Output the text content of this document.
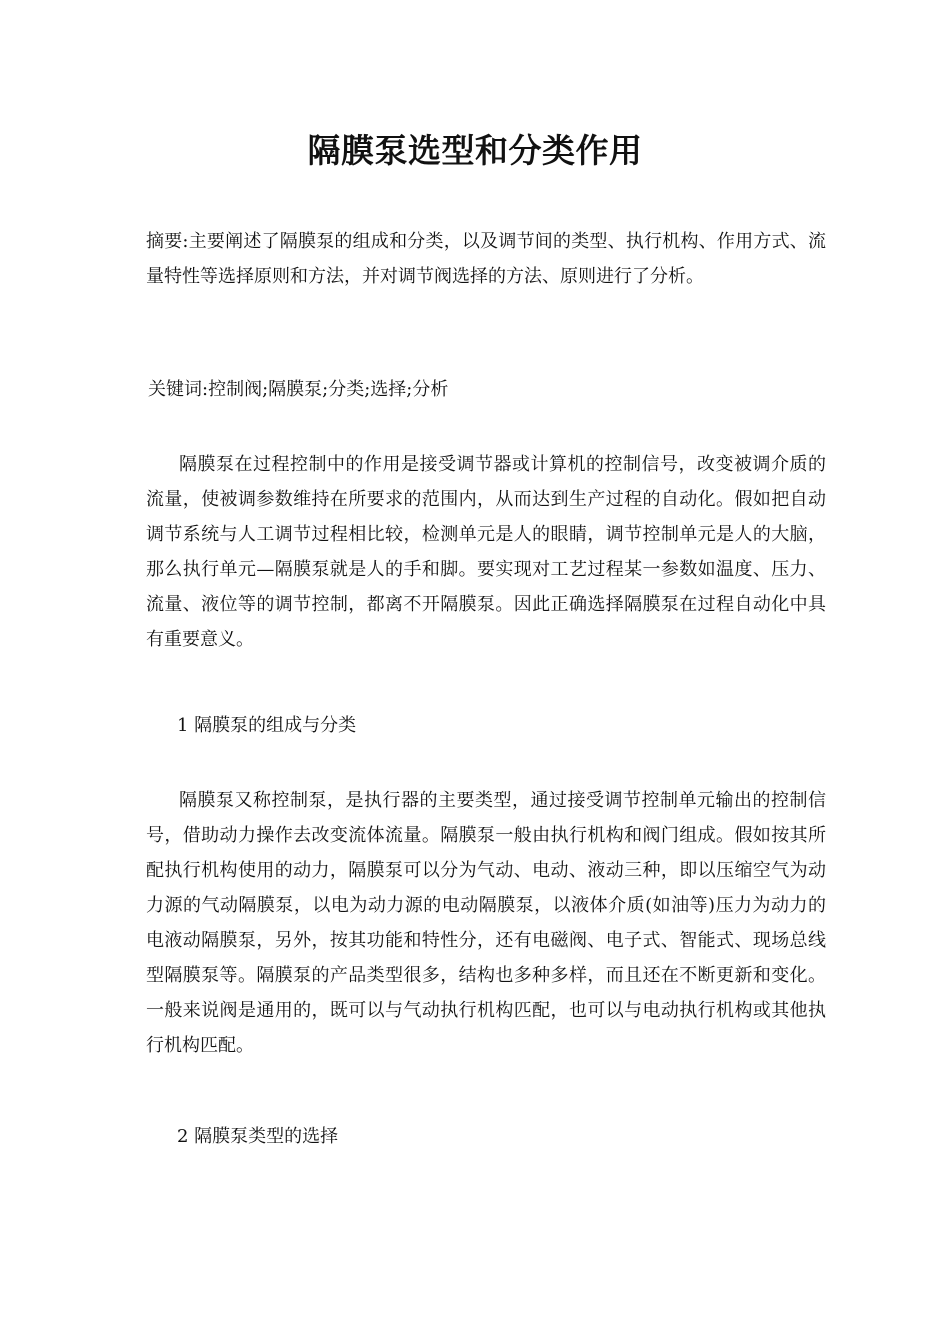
隔膜泵选型和分类作用
摘要:主要阐述了隔膜泵的组成和分类，以及调节间的类型、执行机构、作用方式、流量特性等选择原则和方法，并对调节阀选择的方法、原则进行了分析。
关键词:控制阀;隔膜泵;分类;选择;分析
隔膜泵在过程控制中的作用是接受调节器或计算机的控制信号，改变被调介质的流量，使被调参数维持在所要求的范围内，从而达到生产过程的自动化。假如把自动调节系统与人工调节过程相比较，检测单元是人的眼睛，调节控制单元是人的大脑，那么执行单元—隔膜泵就是人的手和脚。要实现对工艺过程某一参数如温度、压力、流量、液位等的调节控制，都离不开隔膜泵。因此正确选择隔膜泵在过程自动化中具有重要意义。
1 隔膜泵的组成与分类
隔膜泵又称控制泵，是执行器的主要类型，通过接受调节控制单元输出的控制信号，借助动力操作去改变流体流量。隔膜泵一般由执行机构和阀门组成。假如按其所配执行机构使用的动力，隔膜泵可以分为气动、电动、液动三种，即以压缩空气为动力源的气动隔膜泵，以电为动力源的电动隔膜泵，以液体介质(如油等)压力为动力的电液动隔膜泵，另外，按其功能和特性分，还有电磁阀、电子式、智能式、现场总线型隔膜泵等。隔膜泵的产品类型很多，结构也多种多样，而且还在不断更新和变化。一般来说阀是通用的，既可以与气动执行机构匹配，也可以与电动执行机构或其他执行机构匹配。
2 隔膜泵类型的选择
